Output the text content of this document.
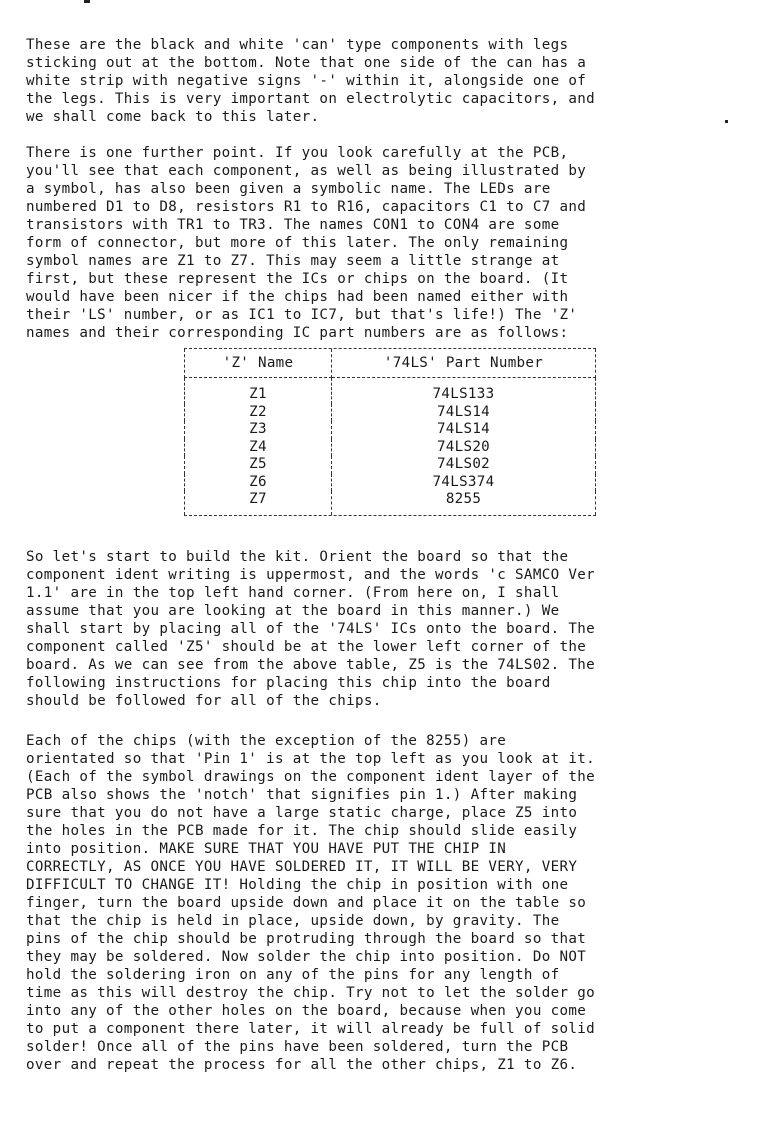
These are the black and white 'can' type components with legs
sticking out at the bottom. Note that one side of the can has a
white strip with negative signs '-' within it, alongside one of
the legs. This is very important on electrolytic capacitors, and
we shall come back to this later.

There is one further point. If you look carefully at the PCB,
you'll see that each component, as well as being illustrated by
a symbol, has also been given a symbolic name. The LEDs are
numbered D1 to D8, resistors R1 to R16, capacitors C1 to C7 and
transistors with TR1 to TR3. The names CON1 to CON4 are some
form of connector, but more of this later. The only remaining
symbol names are Z1 to Z7. This may seem a little strange at
first, but these represent the ICs or chips on the board. (It
would have been nicer if the chips had been named either with
their 'LS' number, or as IC1 to IC7, but that's life!) The 'Z'
names and their corresponding IC part numbers are as follows:

'Z' Name	'74LS' Part Number
Z1	74LS133
Z2	74LS14
Z3	74LS14
Z4	74LS20
Z5	74LS02
Z6	74LS374
Z7	8255

So let's start to build the kit. Orient the board so that the
component ident writing is uppermost, and the words 'c SAMCO Ver
1.1' are in the top left hand corner. (From here on, I shall
assume that you are looking at the board in this manner.) We
shall start by placing all of the '74LS' ICs onto the board. The
component called 'Z5' should be at the lower left corner of the
board. As we can see from the above table, Z5 is the 74LS02. The
following instructions for placing this chip into the board
should be followed for all of the chips.

Each of the chips (with the exception of the 8255) are
orientated so that 'Pin 1' is at the top left as you look at it.
(Each of the symbol drawings on the component ident layer of the
PCB also shows the 'notch' that signifies pin 1.) After making
sure that you do not have a large static charge, place Z5 into
the holes in the PCB made for it. The chip should slide easily
into position. MAKE SURE THAT YOU HAVE PUT THE CHIP IN
CORRECTLY, AS ONCE YOU HAVE SOLDERED IT, IT WILL BE VERY, VERY
DIFFICULT TO CHANGE IT! Holding the chip in position with one
finger, turn the board upside down and place it on the table so
that the chip is held in place, upside down, by gravity. The
pins of the chip should be protruding through the board so that
they may be soldered. Now solder the chip into position. Do NOT
hold the soldering iron on any of the pins for any length of
time as this will destroy the chip. Try not to let the solder go
into any of the other holes on the board, because when you come
to put a component there later, it will already be full of solid
solder! Once all of the pins have been soldered, turn the PCB
over and repeat the process for all the other chips, Z1 to Z6.
